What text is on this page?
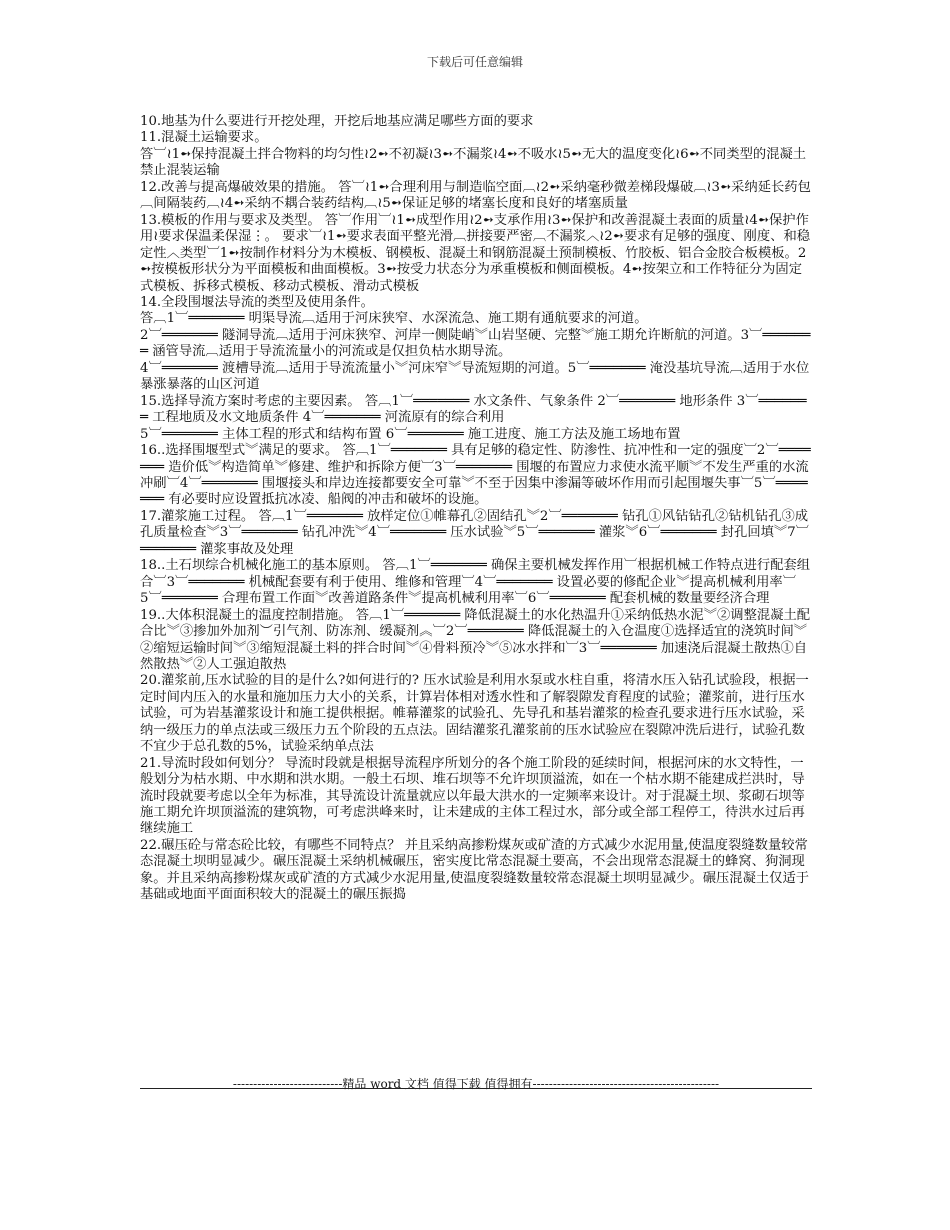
下载后可任意编辑

10.地基为什么要进行开挖处理，开挖后地基应满足哪些方面的要求

11.混凝土运输要求。

答︺≀1➻保持混凝土拌合物料的均匀性≀2➻不初凝≀3➻不漏浆≀4➻不吸水≀5➻无大的温度变化≀6➻不同类型的混凝土禁止混装运输

12.改善与提高爆破效果的措施。 答︺≀1➻合理利用与制造临空面︹≀2➻采纳毫秒微差梯段爆破︹≀3➻采纳延长药包︹间隔装药︹≀4➻采纳不耦合装药结构︹≀5➻保证足够的堵塞长度和良好的堵塞质量

13.模板的作用与要求及类型。 答︺作用︺≀1➻成型作用≀2➻支承作用≀3➻保护和改善混凝土表面的质量≀4➻保护作用≀要求保温柔保湿⋮。 要求︺≀1➻要求表面平整光滑︹拼接要严密︹不漏浆︿≀2➻要求有足够的强度、刚度、和稳定性︿类型︺1➻按制作材料分为木模板、钢模板、混凝土和钢筋混凝土预制模板、竹胶板、铝合金胶合板模板。2➻按模板形状分为平面模板和曲面模板。3➻按受力状态分为承重模板和侧面模板。4➻按架立和工作特征分为固定式模板、拆移式模板、移动式模板、滑动式模板

14.全段围堰法导流的类型及使用条件。

答︹1︺═══════ 明渠导流︹适用于河床狭窄、水深流急、施工期有通航要求的河道。

2︺═══════ 隧洞导流︹适用于河床狭窄、河岸一侧陡峭︾山岩坚硬、完整︾施工期允许断航的河道。3︺═══════ 涵管导流︹适用于导流流量小的河流或是仅担负枯水期导流。

4︺═══════ 渡槽导流︹适用于导流流量小︾河床窄︾导流短期的河道。5︺═══════ 淹没基坑导流︹适用于水位暴涨暴落的山区河道

15.选择导流方案时考虑的主要因素。 答︹1︺═══════ 水文条件、气象条件 2︺═══════ 地形条件 3︺═══════ 工程地质及水文地质条件 4︺═══════ 河流原有的综合利用

5︺═══════ 主体工程的形式和结构布置 6︺═══════ 施工进度、施工方法及施工场地布置

16..选择围堰型式︾满足的要求。 答︹1︺═══════ 具有足够的稳定性、防渗性、抗冲性和一定的强度︺2︺═══════ 造价低︾构造简单︾修建、维护和拆除方便︺3︺═══════ 围堰的布置应力求使水流平顺︾不发生严重的水流冲刷︺4︺═══════ 围堰接头和岸边连接都要安全可靠︾不至于因集中渗漏等破坏作用而引起围堰失事︺5︺═══════ 有必要时应设置抵抗冰凌、船阀的冲击和破坏的设施。

17.灌浆施工过程。 答︹1︺═══════ 放样定位①帷幕孔②固结孔︾2︺═══════ 钻孔①风钻钻孔②钻机钻孔③成孔质量检查︾3︺═══════ 钻孔冲洗︾4︺═══════ 压水试验︾5︺═══════ 灌浆︾6︺═══════ 封孔回填︾7︺═══════ 灌浆事故及处理

18..土石坝综合机械化施工的基本原则。 答︹1︺═══════ 确保主要机械发挥作用︺根据机械工作特点进行配套组合︺3︺═══════ 机械配套要有利于使用、维修和管理︺4︺═══════ 设置必要的修配企业︾提高机械利用率︺5︺═══════ 合理布置工作面︾改善道路条件︾提高机械利用率︺6︺═══════ 配套机械的数量要经济合理

19..大体积混凝土的温度控制措施。 答︹1︺═══════ 降低混凝土的水化热温升①采纳低热水泥︾②调整混凝土配合比︾③掺加外加剂︶引气剂、防冻剂、缓凝剂︽︺2︺═══════ 降低混凝土的入仓温度①选择适宜的浇筑时间︾②缩短运输时间︾③缩短混凝土料的拌合时间︾④骨料预冷︾⑤冰水拌和︺3︺═══════ 加速浇后混凝土散热①自然散热︾②人工强迫散热

20.灌浆前,压水试验的目的是什么?如何进行的? 压水试验是利用水泵或水柱自重，将清水压入钻孔试验段，根据一定时间内压入的水量和施加压力大小的关系，计算岩体相对透水性和了解裂隙发育程度的试验；灌浆前，进行压水试验，可为岩基灌浆设计和施工提供根据。帷幕灌浆的试验孔、先导孔和基岩灌浆的检查孔要求进行压水试验，采纳一级压力的单点法或三级压力五个阶段的五点法。固结灌浆孔灌浆前的压水试验应在裂隙冲洗后进行，试验孔数不宜少于总孔数的5%，试验采纳单点法

21.导流时段如何划分？ 导流时段就是根据导流程序所划分的各个施工阶段的延续时间，根据河床的水文特性，一般划分为枯水期、中水期和洪水期。一般土石坝、堆石坝等不允许坝顶溢流，如在一个枯水期不能建成拦洪时，导流时段就要考虑以全年为标准，其导流设计流量就应以年最大洪水的一定频率来设计。对于混凝土坝、浆砌石坝等施工期允许坝顶溢流的建筑物，可考虑洪峰来时，让未建成的主体工程过水，部分或全部工程停工，待洪水过后再继续施工

22.碾压砼与常态砼比较，有哪些不同特点？ 并且采纳高掺粉煤灰或矿渣的方式减少水泥用量,使温度裂缝数量较常态混凝土坝明显减少。碾压混凝土采纳机械碾压，密实度比常态混凝土要高，不会出现常态混凝土的蜂窝、狗洞现象。并且采纳高掺粉煤灰或矿渣的方式减少水泥用量,使温度裂缝数量较常态混凝土坝明显减少。碾压混凝土仅适于基础或地面平面面积较大的混凝土的碾压振捣

---------------------------精品 word 文档 值得下载 值得拥有----------------------------------------------
